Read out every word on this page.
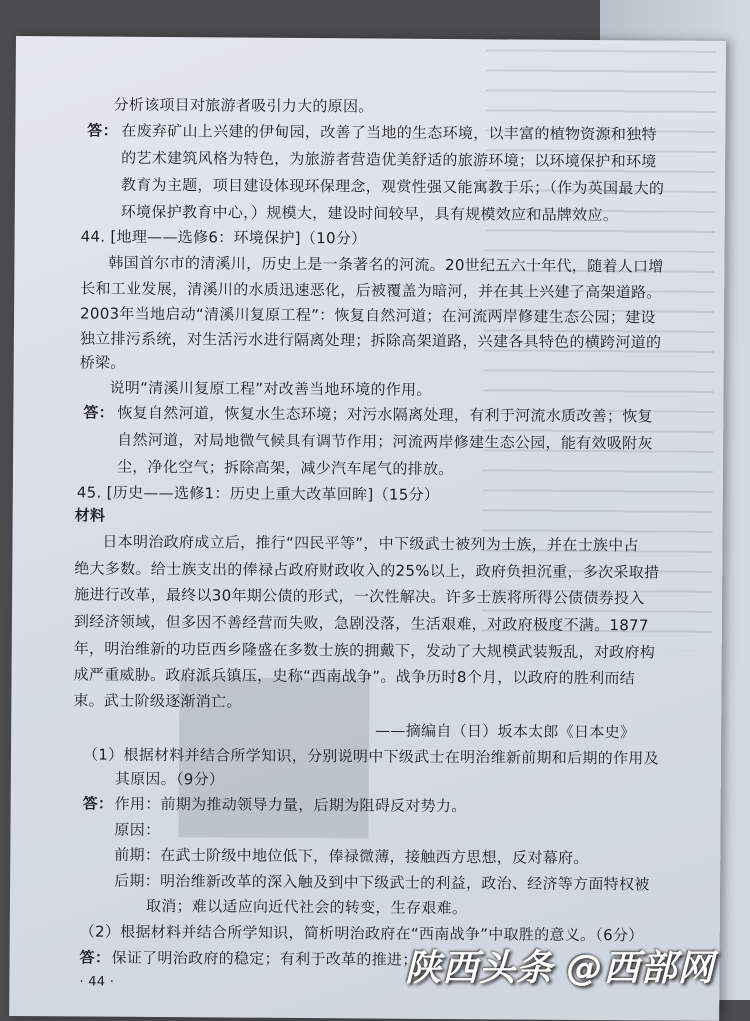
分析该项目对旅游者吸引力大的原因。
答： 在废弃矿山上兴建的伊甸园，改善了当地的生态环境，以丰富的植物资源和独特
的艺术建筑风格为特色，为旅游者营造优美舒适的旅游环境；以环境保护和环境
教育为主题，项目建设体现环保理念，观赏性强又能寓教于乐；（作为英国最大的
环境保护教育中心，）规模大，建设时间较早，具有规模效应和品牌效应。
44. [地理——选修6：环境保护]（10分）
韩国首尔市的清溪川，历史上是一条著名的河流。20世纪五六十年代，随着人口增
长和工业发展，清溪川的水质迅速恶化，后被覆盖为暗河，并在其上兴建了高架道路。
2003年当地启动“清溪川复原工程”：恢复自然河道；在河流两岸修建生态公园；建设
独立排污系统，对生活污水进行隔离处理；拆除高架道路，兴建各具特色的横跨河道的
桥梁。
说明“清溪川复原工程”对改善当地环境的作用。
答： 恢复自然河道，恢复水生态环境；对污水隔离处理，有利于河流水质改善；恢复
自然河道，对局地微气候具有调节作用；河流两岸修建生态公园，能有效吸附灰
尘，净化空气；拆除高架，减少汽车尾气的排放。
45. [历史——选修1：历史上重大改革回眸]（15分）
材料
日本明治政府成立后，推行“四民平等”，中下级武士被列为士族，并在士族中占
绝大多数。给士族支出的俸禄占政府财政收入的25%以上，政府负担沉重，多次采取措
施进行改革，最终以30年期公债的形式，一次性解决。许多士族将所得公债债券投入
到经济领域，但多因不善经营而失败，急剧没落，生活艰难，对政府极度不满。1877
年，明治维新的功臣西乡隆盛在多数士族的拥戴下，发动了大规模武装叛乱，对政府构
成严重威胁。政府派兵镇压，史称“西南战争”。战争历时8个月，以政府的胜利而结
束。武士阶级逐渐消亡。
——摘编自（日）坂本太郎《日本史》
（1）根据材料并结合所学知识，分别说明中下级武士在明治维新前期和后期的作用及
其原因。（9分）
答： 作用：前期为推动领导力量，后期为阻碍反对势力。
原因：
前期：在武士阶级中地位低下，俸禄微薄，接触西方思想，反对幕府。
后期：明治维新改革的深入触及到中下级武士的利益，政治、经济等方面特权被
取消；难以适应向近代社会的转变，生存艰难。
（2）根据材料并结合所学知识，简析明治政府在“西南战争”中取胜的意义。（6分）
答： 保证了明治政府的稳定；有利于改革的推进；
· 44 ·	陕西头条 @西部网
